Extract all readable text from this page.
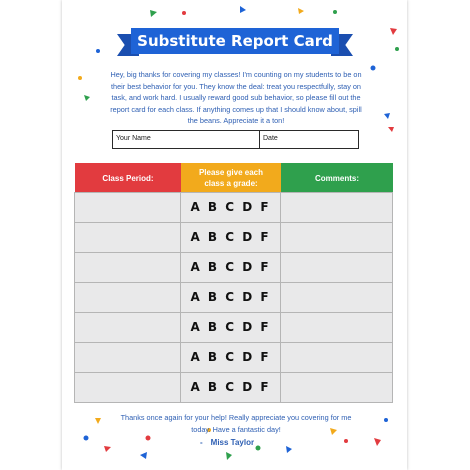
Substitute Report Card
Hey, big thanks for covering my classes! I'm counting on my students to be on their best behavior for you. They know the deal: treat you respectfully, stay on task, and work hard. I usually reward good sub behavior, so please fill out the report card for each class. If anything comes up that I should know about, spill the beans. Appreciate it a ton!
Your Name	Date
Class Period:
Please give each class a grade:
Comments:
A B C D F
A B C D F
A B C D F
A B C D F
A B C D F
A B C D F
A B C D F
Thanks once again for your help! Really appreciate you covering for me today. Have a fantastic day!
- Miss Taylor
